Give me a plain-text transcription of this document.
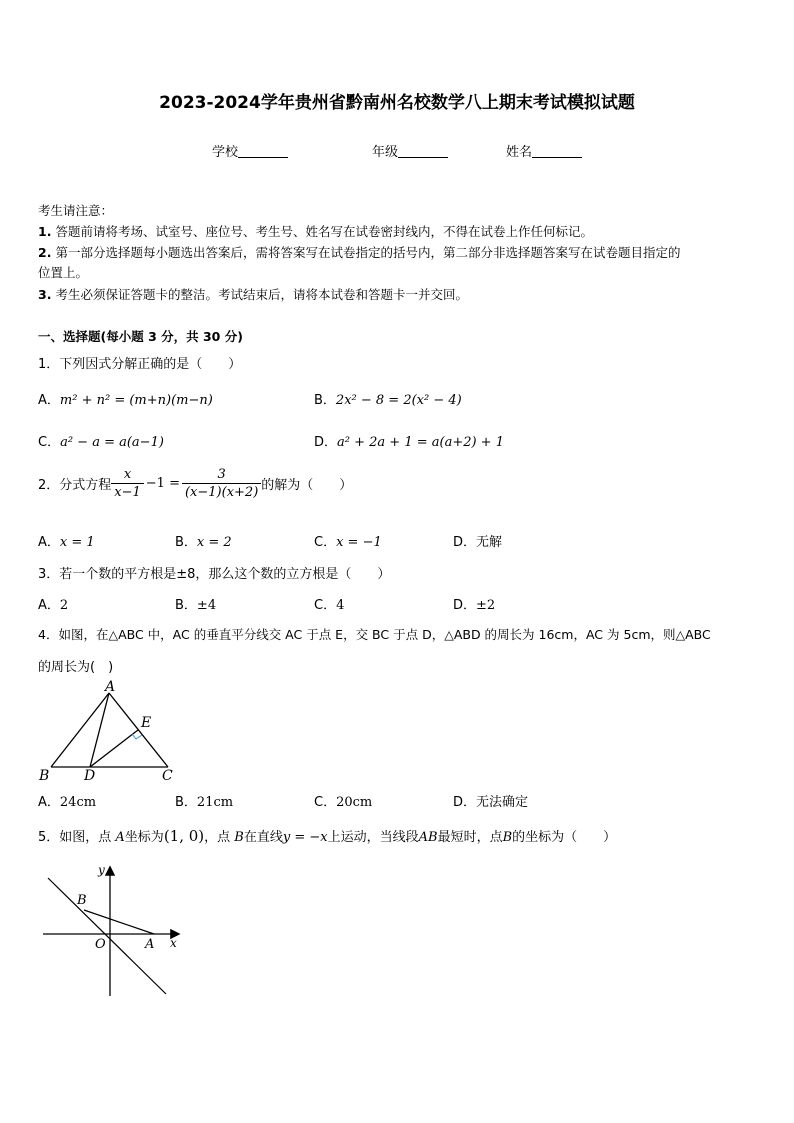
2023-2024学年贵州省黔南州名校数学八上期末考试模拟试题
学校	年级	姓名
考生请注意：
1. 答题前请将考场、试室号、座位号、考生号、姓名写在试卷密封线内，不得在试卷上作任何标记。
2. 第一部分选择题每小题选出答案后，需将答案写在试卷指定的括号内，第二部分非选择题答案写在试卷题目指定的
位置上。
3. 考生必须保证答题卡的整洁。考试结束后，请将本试卷和答题卡一并交回。
一、选择题(每小题 3 分，共 30 分)
1．下列因式分解正确的是（　　）
A．m² + n² = (m+n)(m−n)	B．2x² − 8 = 2(x² − 4)
C．a² − a = a(a−1)	D．a² + 2a + 1 = a(a+2) + 1
2．分式方程 $\frac{x}{x-1} -1 = \frac{3}{(x-1)(x+2)}$ 的解为（　　）
A．x = 1	B．x = 2	C．x = −1	D．无解
3．若一个数的平方根是±8，那么这个数的立方根是（　　）
A．2	B．±4	C．4	D．±2
4．如图，在△ABC 中，AC 的垂直平分线交 AC 于点 E，交 BC 于点 D，△ABD 的周长为 16cm，AC 为 5cm，则△ABC
的周长为(　)
A
E
B D	C
A．24cm	B．21cm	C．20cm	D．无法确定
5．如图，点 A坐标为(1, 0)，点 B在直线y = −x上运动，当线段AB最短时，点B的坐标为（　　）
y
x
O	A
B
